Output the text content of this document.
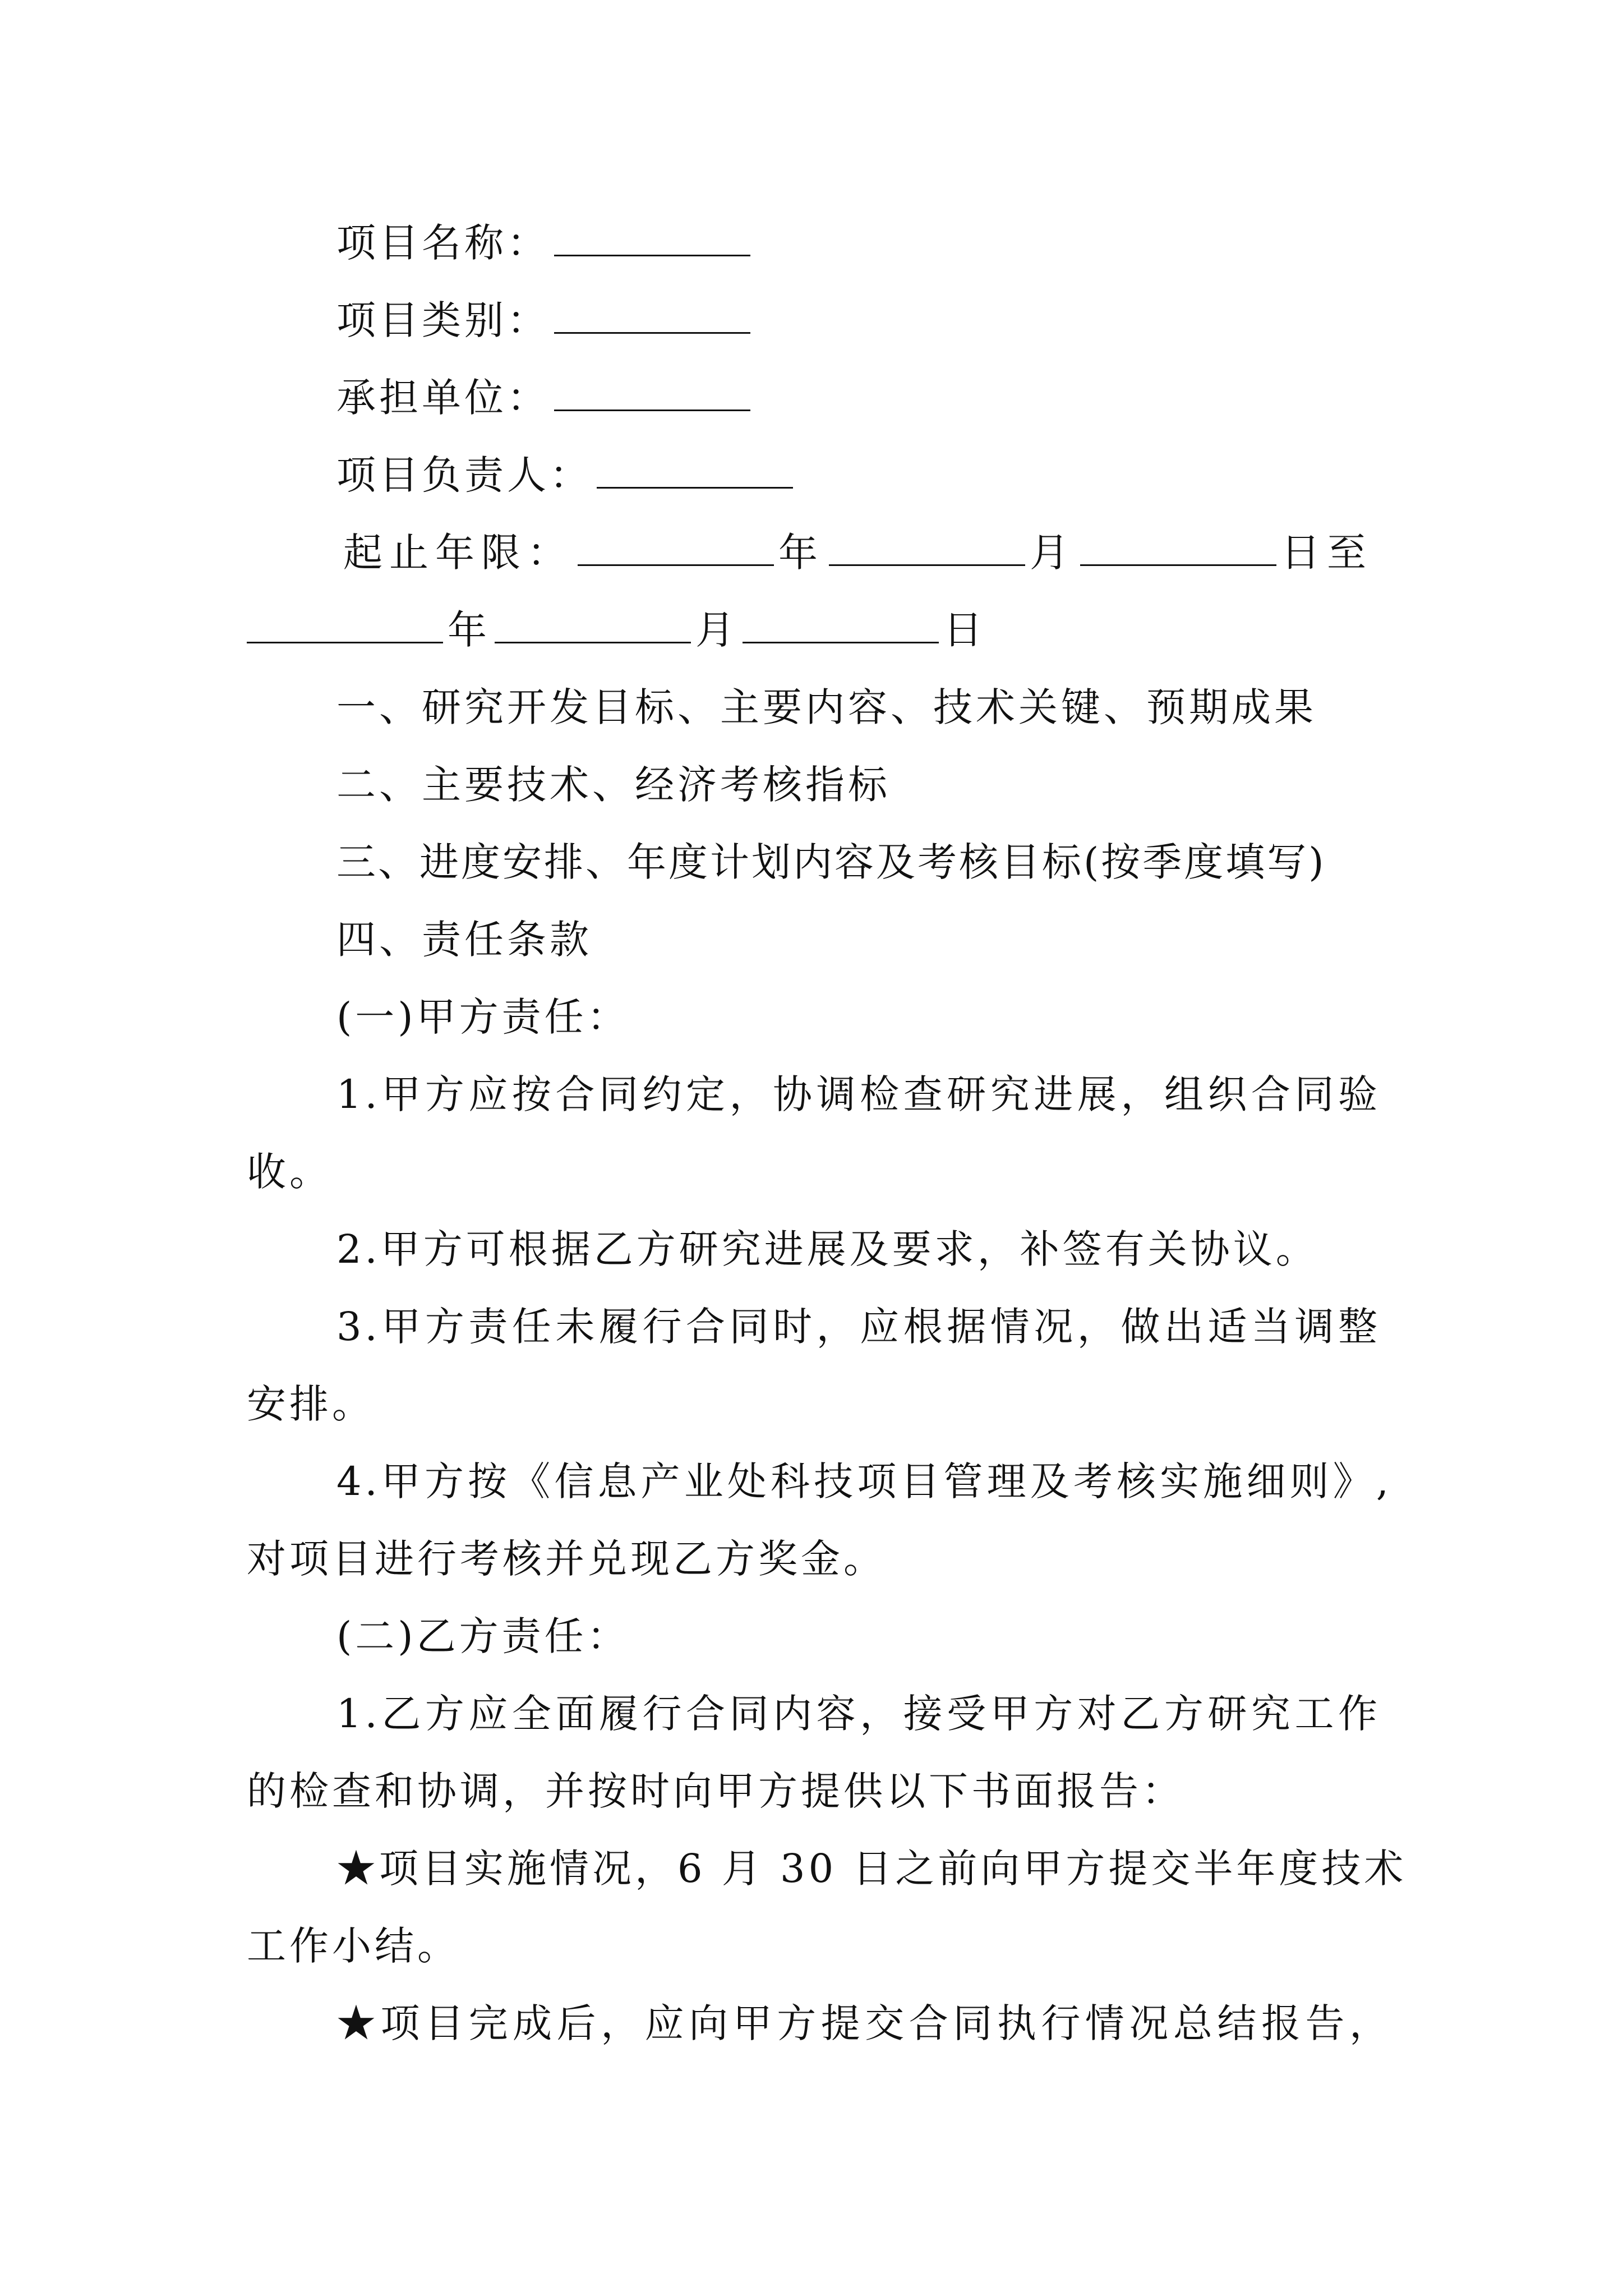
项目名称：
项目类别：
承担单位：
项目负责人：
起止年限：	年	月	日至
年	月	日
一、研究开发目标、主要内容、技术关键、预期成果
二、主要技术、经济考核指标
三、进度安排、年度计划内容及考核目标(按季度填写)
四、责任条款
(一)甲方责任：
1.甲方应按合同约定，协调检查研究进展，组织合同验
收。
2.甲方可根据乙方研究进展及要求，补签有关协议。
3.甲方责任未履行合同时，应根据情况，做出适当调整
安排。
4.甲方按《信息产业处科技项目管理及考核实施细则》,
对项目进行考核并兑现乙方奖金。
(二)乙方责任：
1.乙方应全面履行合同内容，接受甲方对乙方研究工作
的检查和协调，并按时向甲方提供以下书面报告：
★项目实施情况，6 月 30 日之前向甲方提交半年度技术
工作小结。
★项目完成后，应向甲方提交合同执行情况总结报告，
